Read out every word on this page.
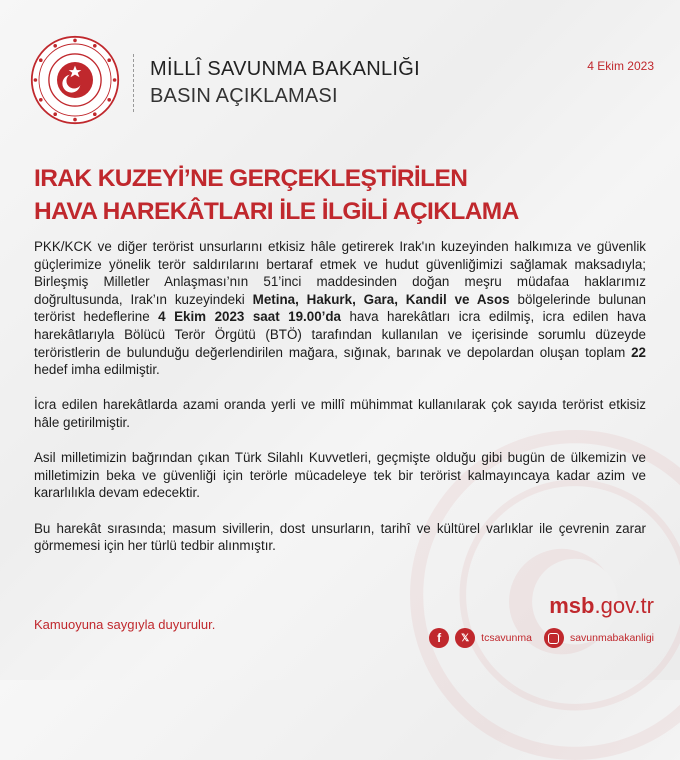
MİLLÎ SAVUNMA BAKANLIĞI
BASIN AÇIKLAMASI
4 Ekim 2023
IRAK KUZEYİ’NE GERÇEKLEŞTİRİLEN
HAVA HAREKÂTLARI İLE İLGİLİ AÇIKLAMA

PKK/KCK ve diğer terörist unsurlarını etkisiz hâle getirerek Irak'ın kuzeyinden halkımıza ve güvenlik güçlerimize yönelik terör saldırılarını bertaraf etmek ve hudut güvenliğimizi sağlamak maksadıyla; Birleşmiş Milletler Anlaşması’nın 51’inci maddesinden doğan meşru müdafaa haklarımız doğrultusunda, Irak’ın kuzeyindeki Metina, Hakurk, Gara, Kandil ve Asos bölgelerinde bulunan terörist hedeflerine 4 Ekim 2023 saat 19.00’da hava harekâtları icra edilmiş, icra edilen hava harekâtlarıyla Bölücü Terör Örgütü (BTÖ) tarafından kullanılan ve içerisinde sorumlu düzeyde teröristlerin de bulunduğu değerlendirilen mağara, sığınak, barınak ve depolardan oluşan toplam 22 hedef imha edilmiştir.

İcra edilen harekâtlarda azami oranda yerli ve millî mühimmat kullanılarak çok sayıda terörist etkisiz hâle getirilmiştir.

Asil milletimizin bağrından çıkan Türk Silahlı Kuvvetleri, geçmişte olduğu gibi bugün de ülkemizin ve milletimizin beka ve güvenliği için terörle mücadeleye tek bir terörist kalmayıncaya kadar azim ve kararlılıkla devam edecektir.

Bu harekât sırasında; masum sivillerin, dost unsurların, tarihî ve kültürel varlıklar ile çevrenin zarar görmemesi için her türlü tedbir alınmıştır.

Kamuoyuna saygıyla duyurulur.
msb.gov.tr
f	𝕏	tcsavunma	savunmabakanligi
